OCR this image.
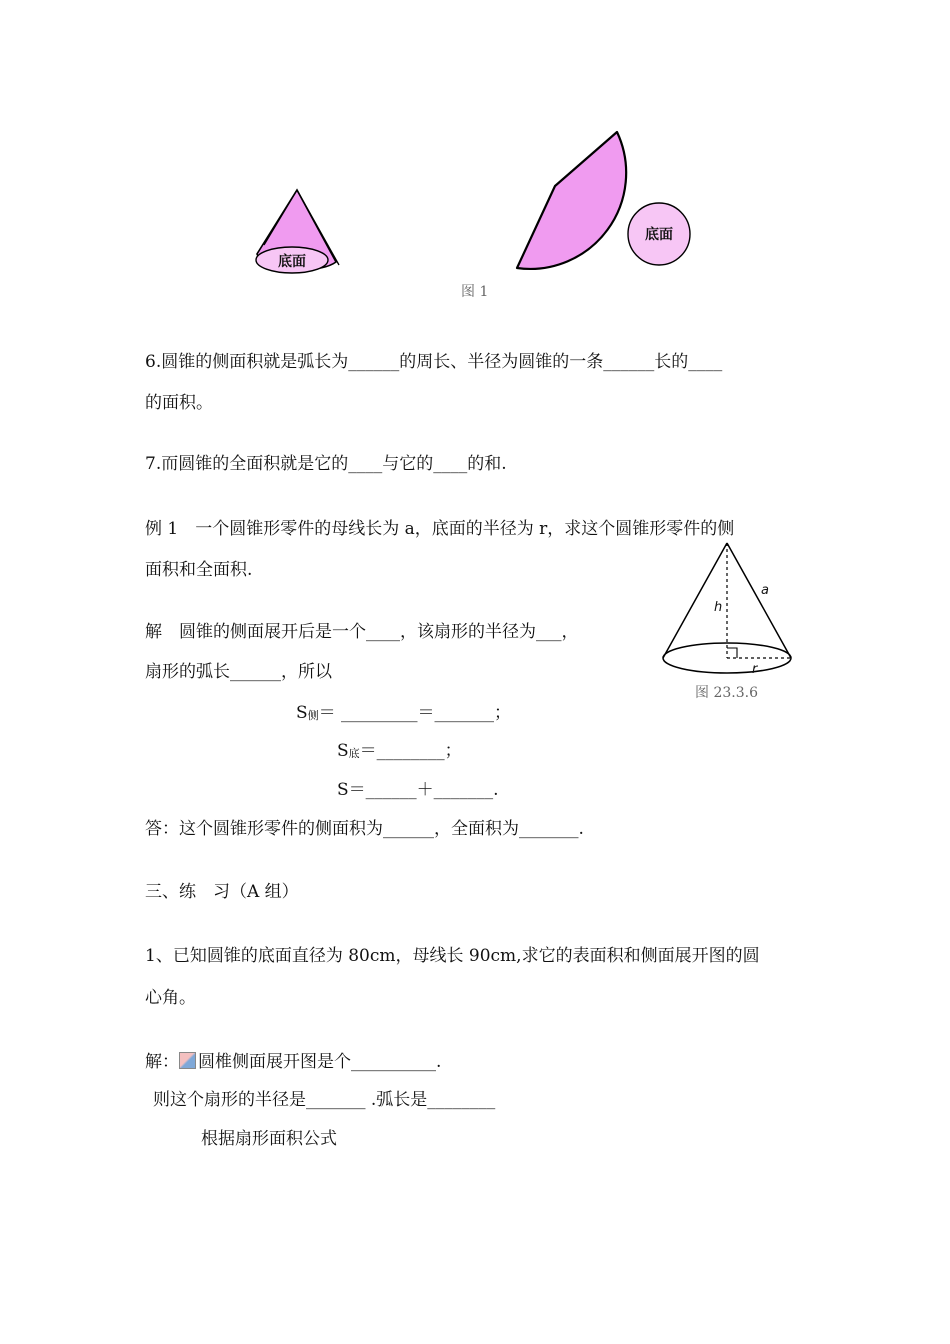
底面
底面
图 1
6.圆锥的侧面积就是弧长为______的周长、半径为圆锥的一条______长的____
的面积。
7.而圆锥的全面积就是它的____与它的____的和.
例 1　一个圆锥形零件的母线长为 a，底面的半径为 r，求这个圆锥形零件的侧
面积和全面积.
a
h
r
图 23.3.6
解　圆锥的侧面展开后是一个____，该扇形的半径为___，
扇形的弧长______，所以
$S_侧=$ _________＝_______；
$S_底=\_\_\_\_\_\_\_\_$；
S＝______＋_______.
答：这个圆锥形零件的侧面积为______，全面积为_______.
三、练　习（A 组）
1、已知圆锥的底面直径为 80cm，母线长 90cm,求它的表面积和侧面展开图的圆
心角。
解： 圆椎侧面展开图是个__________.
则这个扇形的半径是_______ .弧长是________
根据扇形面积公式
